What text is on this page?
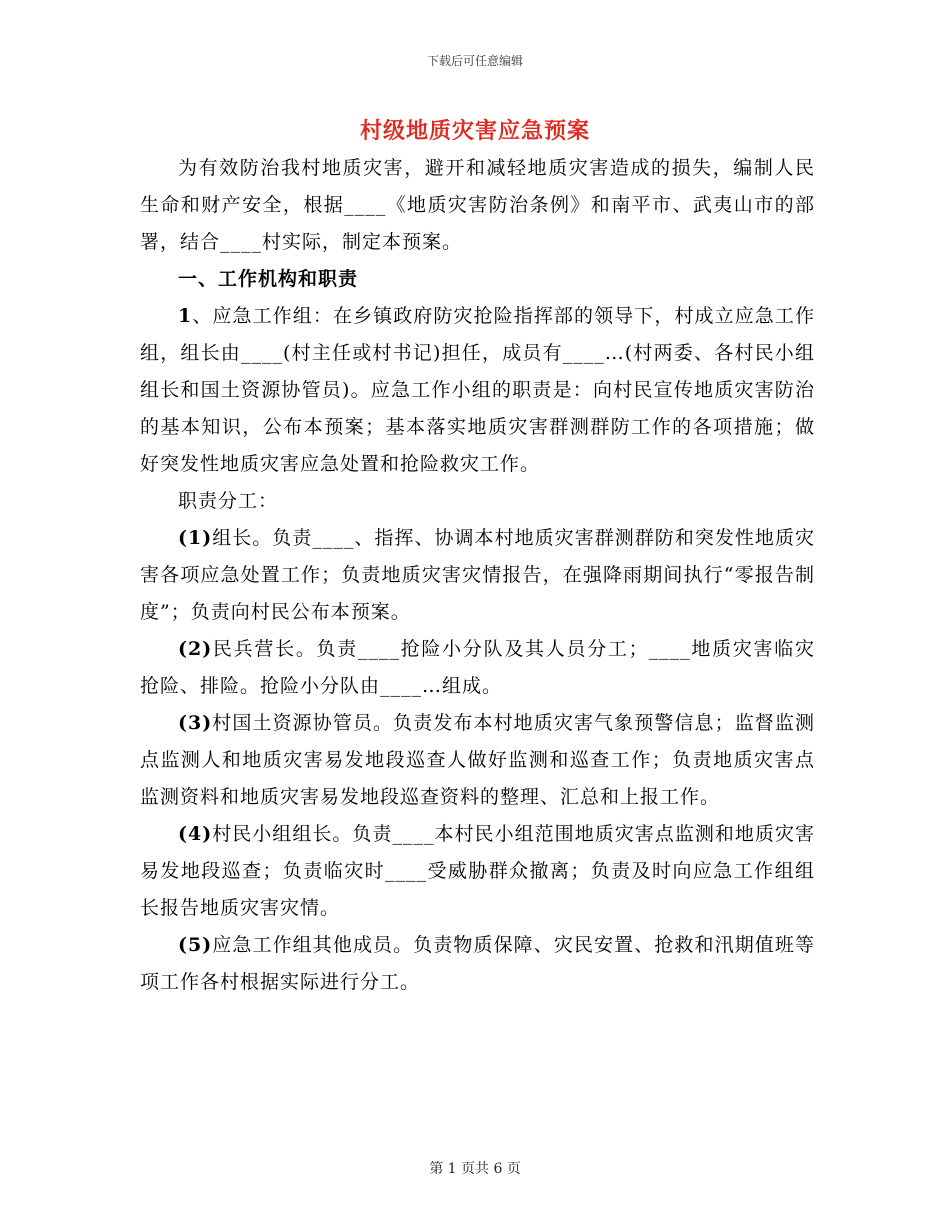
下载后可任意编辑
村级地质灾害应急预案

为有效防治我村地质灾害，避开和减轻地质灾害造成的损失，编制人民生命和财产安全，根据____《地质灾害防治条例》和南平市、武夷山市的部署，结合____村实际，制定本预案。

一、工作机构和职责

1、应急工作组：在乡镇政府防灾抢险指挥部的领导下，村成立应急工作组，组长由____(村主任或村书记)担任，成员有____…(村两委、各村民小组组长和国土资源协管员)。应急工作小组的职责是：向村民宣传地质灾害防治的基本知识，公布本预案；基本落实地质灾害群测群防工作的各项措施；做好突发性地质灾害应急处置和抢险救灾工作。

职责分工：

(1)组长。负责____、指挥、协调本村地质灾害群测群防和突发性地质灾害各项应急处置工作；负责地质灾害灾情报告，在强降雨期间执行“零报告制度”；负责向村民公布本预案。

(2)民兵营长。负责____抢险小分队及其人员分工；____地质灾害临灾抢险、排险。抢险小分队由____…组成。

(3)村国土资源协管员。负责发布本村地质灾害气象预警信息；监督监测点监测人和地质灾害易发地段巡查人做好监测和巡查工作；负责地质灾害点监测资料和地质灾害易发地段巡查资料的整理、汇总和上报工作。

(4)村民小组组长。负责____本村民小组范围地质灾害点监测和地质灾害易发地段巡查；负责临灾时____受威胁群众撤离；负责及时向应急工作组组长报告地质灾害灾情。

(5)应急工作组其他成员。负责物质保障、灾民安置、抢救和汛期值班等项工作各村根据实际进行分工。

第 1 页共 6 页
